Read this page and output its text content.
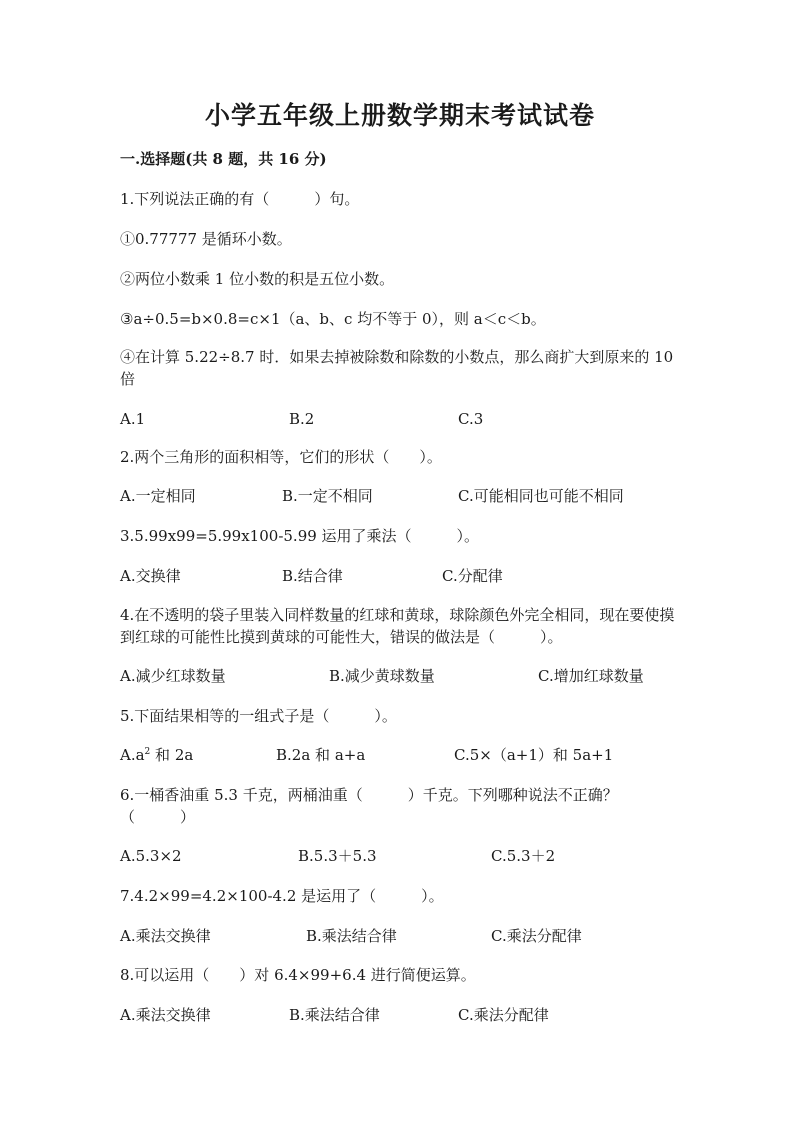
小学五年级上册数学期末考试试卷
一.选择题(共 8 题，共 16 分)
1.下列说法正确的有（　　　）句。
①0.77777 是循环小数。
②两位小数乘 1 位小数的积是五位小数。
③a÷0.5=b×0.8=c×1（a、b、c 均不等于 0），则 a＜c＜b。
④在计算 5.22÷8.7 时．如果去掉被除数和除数的小数点，那么商扩大到原来的 10 倍
A.1	B.2	C.3
2.两个三角形的面积相等，它们的形状（　　）。
A.一定相同	B.一定不相同	C.可能相同也可能不相同
3.5.99x99=5.99x100-5.99 运用了乘法（　　　）。
A.交换律	B.结合律	C.分配律
4.在不透明的袋子里装入同样数量的红球和黄球，球除颜色外完全相同，现在要使摸到红球的可能性比摸到黄球的可能性大，错误的做法是（　　　）。
A.减少红球数量	B.减少黄球数量	C.增加红球数量
5.下面结果相等的一组式子是（　　　）。
$A.a^2$ 和 2a	B.2a 和 a+a	C.5×（a+1）和 5a+1
6.一桶香油重 5.3 千克，两桶油重（　　　）千克。下列哪种说法不正确？（　　　）
A.5.3×2	B.5.3＋5.3	C.5.3＋2
7.4.2×99=4.2×100-4.2 是运用了（　　　）。
A.乘法交换律	B.乘法结合律	C.乘法分配律
8.可以运用（　　）对 6.4×99+6.4 进行简便运算。
A.乘法交换律	B.乘法结合律	C.乘法分配律
